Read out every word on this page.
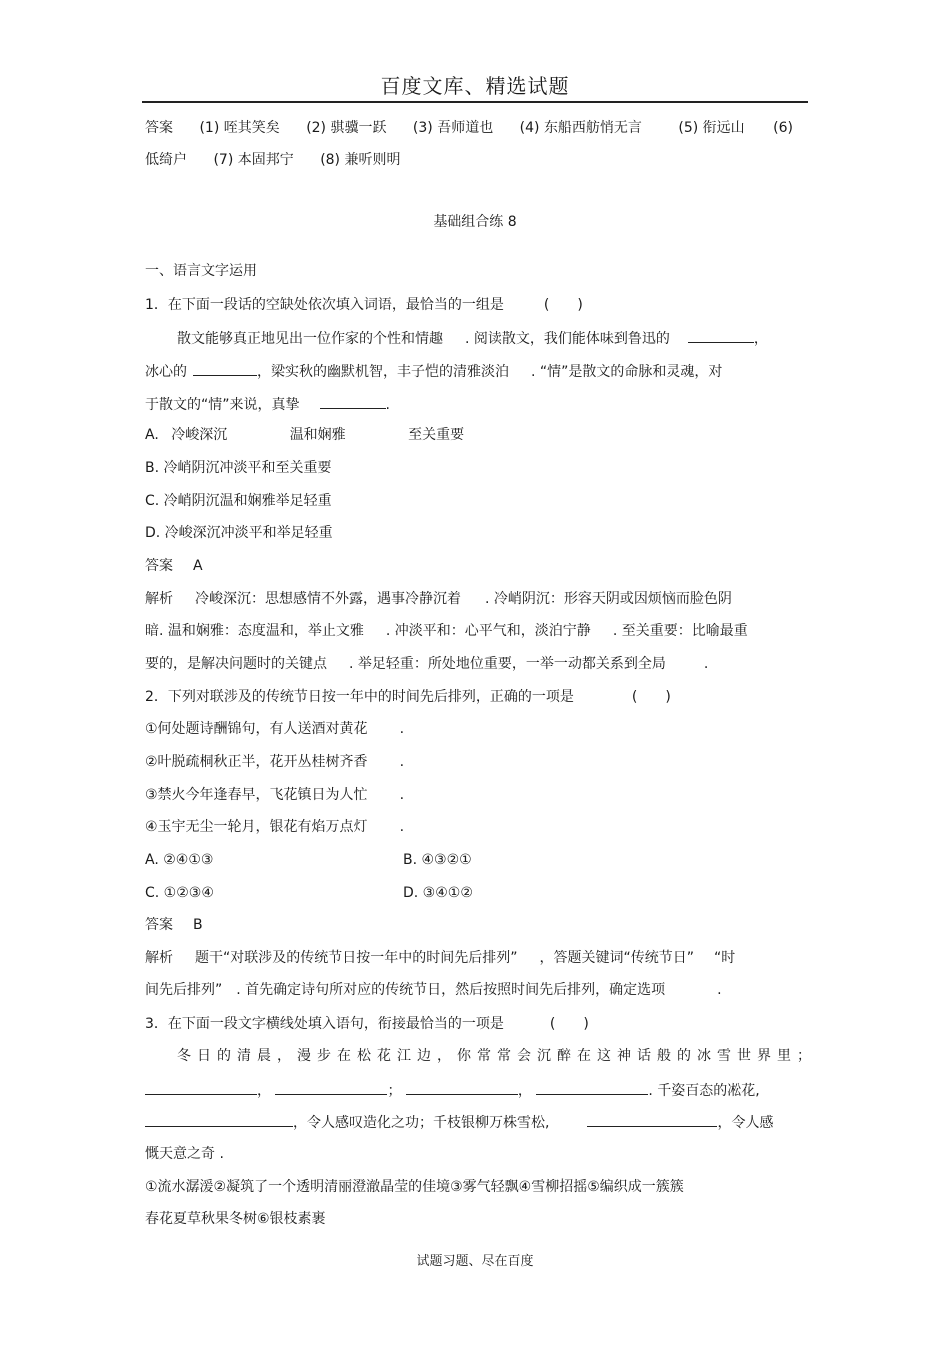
百度文库、精选试题
答案 (1) 咥其笑矣 (2) 骐骥一跃 (3) 吾师道也 (4) 东船西舫悄无言	(5) 衔远山 (6)
低绮户 (7) 本固邦宁 (8) 兼听则明
基础组合练 8
一、语言文字运用
1．在下面一段话的空缺处依次填入词语，最恰当的一组是	(　　)
散文能够真正地见出一位作家的个性和情趣 . 阅读散文，我们能体味到鲁迅的	，
冰心的	，梁实秋的幽默机智，丰子恺的清雅淡泊 . “情”是散文的命脉和灵魂，对
于散文的“情”来说，真挚	.
A. 冷峻深沉	温和娴雅	至关重要
B. 冷峭阴沉冲淡平和至关重要
C. 冷峭阴沉温和娴雅举足轻重
D. 冷峻深沉冲淡平和举足轻重
答案 A
解析 冷峻深沉：思想感情不外露，遇事冷静沉着 . 冷峭阴沉：形容天阴或因烦恼而脸色阴
暗. 温和娴雅：态度温和，举止文雅 . 冲淡平和：心平气和，淡泊宁静 . 至关重要：比喻最重
要的，是解决问题时的关键点 . 举足轻重：所处地位重要，一举一动都关系到全局	.
2．下列对联涉及的传统节日按一年中的时间先后排列，正确的一项是	(　　)
①何处题诗酬锦句，有人送酒对黄花 .
②叶脱疏桐秋正半，花开丛桂树齐香 .
③禁火今年逢春早，飞花镇日为人忙 .
④玉宇无尘一轮月，银花有焰万点灯 .
A. ②④①③	B. ④③②①
C. ①②③④	D. ③④①②
答案 B
解析 题干“对联涉及的传统节日按一年中的时间先后排列” ，答题关键词“传统节日” “时
间先后排列” . 首先确定诗句所对应的传统节日，然后按照时间先后排列，确定选项	.
3．在下面一段文字横线处填入语句，衔接最恰当的一项是	(　　)
冬日的清晨，漫步在松花江边，你常常会沉醉在这神话般的冰雪世界里；
，	；	，	. 千姿百态的凇花,
，令人感叹造化之功；千枝银柳万株雪松,	，令人感
慨天意之奇 .
①流水潺湲②凝筑了一个透明清丽澄澈晶莹的佳境③雾气轻飘④雪柳招摇⑤编织成一簇簇
春花夏草秋果冬树⑥银枝素裹
试题习题、尽在百度
